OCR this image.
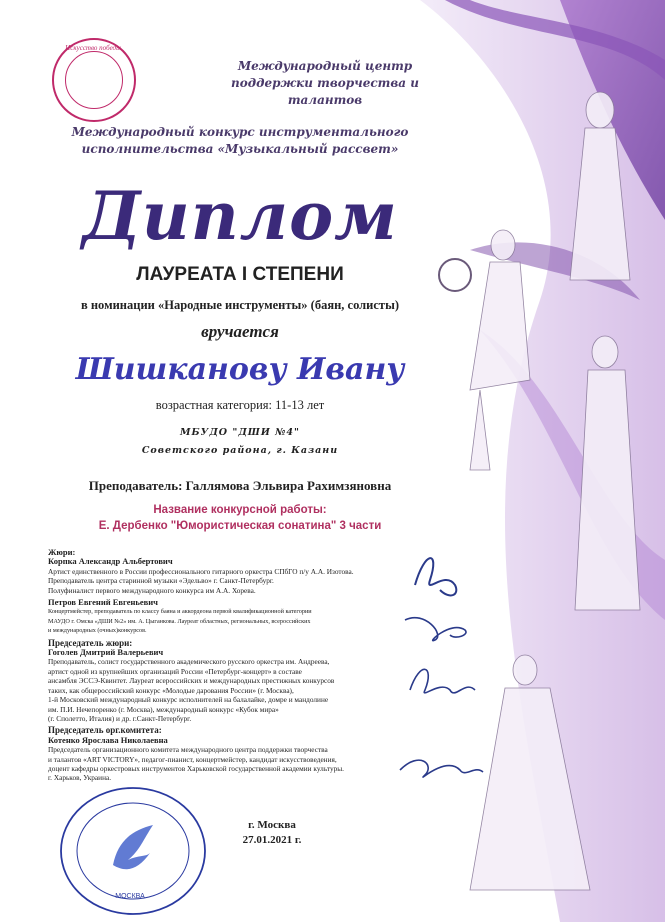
Искусство победы
Международный центр
поддержки творчества и талантов
Международный конкурс инструментального
исполнительства «Музыкальный рассвет»
Диплом
ЛАУРЕАТА I СТЕПЕНИ
в номинации «Народные инструменты» (баян, солисты)
вручается
Шишканову Ивану
возрастная категория: 11-13 лет
МБУДО "ДШИ №4"
Советского района, г. Казани
Преподаватель: Галлямова Эльвира Рахимзяновна
Название конкурсной работы:
Е. Дербенко "Юмористическая сонатина" 3 части
Жюри:
Корпка Александр Альбертович
Артист единственного в России профессионального гитарного оркестра СПбГО п/у А.А. Изотова.
Преподаватель центра старинной музыки «Эдельво» г. Санкт-Петербург.
Полуфиналист первого международного конкурса им А.А. Хорева.
Петров Евгений Евгеньевич
Концертмейстер, преподаватель по классу баяна и аккордеона первой квалификационной категории
МАУДО г. Омска «ДШИ №2» им. А. Цыганкова. Лауреат областных, региональных, всероссийских
и международных (очных)конкурсов.
Председатель жюри:
Гоголев Дмитрий Валерьевич
Преподаватель, солист государственного академического русского оркестра им. Андреева,
артист одной из крупнейших организаций России «Петербург-концерт» в составе
ансамбля ЭССЭ-Квинтет. Лауреат всероссийских и международных престижных конкурсов
таких, как общероссийский конкурс «Молодые дарования России» (г. Москва),
1-й Московский международный конкурс исполнителей на балалайке, домре и мандолине
им. П.И. Нечепоренко (г. Москва), международный конкурс «Кубок мира»
(г. Сполетто, Италия) и др. г.Санкт-Петербург.
Председатель орг.комитета:
Котенко Ярослава Николаевна
Председатель организационного комитета международного центра поддержки творчества
и талантов «ART VICTORY», педагог-пианист, концертмейстер, кандидат искусствоведения,
доцент кафедры оркестровых инструментов Харьковской государственной академии культуры.
г. Харьков, Украина.
МОСКВА
г. Москва
27.01.2021 г.
